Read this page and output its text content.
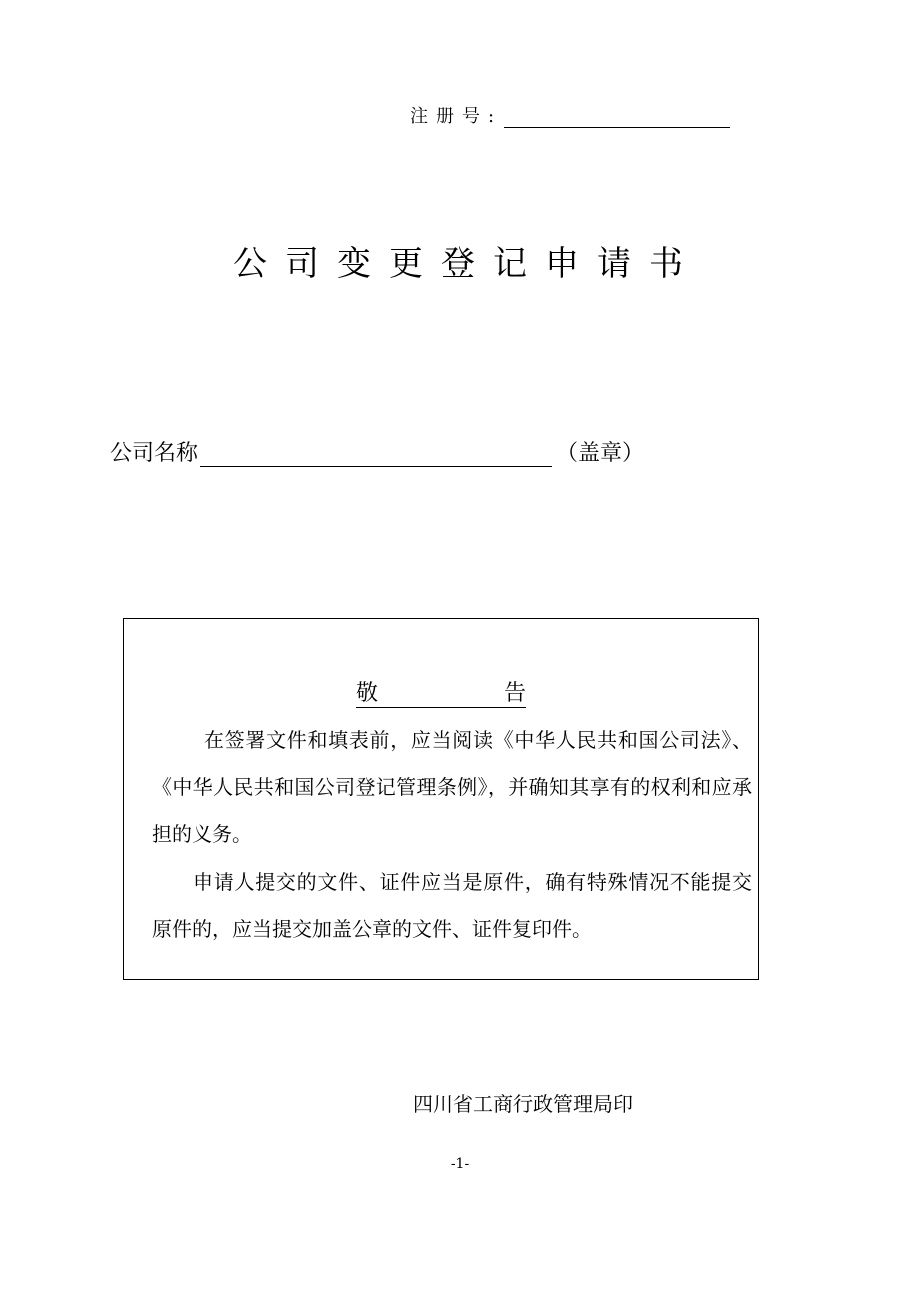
注册号:
公司变更登记申请书
公司名称	（盖章）
敬	告

在签署文件和填表前，应当阅读《中华人民共和国公司法》、《中华人民共和国公司登记管理条例》，并确知其享有的权利和应承担的义务。

申请人提交的文件、证件应当是原件，确有特殊情况不能提交原件的，应当提交加盖公章的文件、证件复印件。

四川省工商行政管理局印
-1-
